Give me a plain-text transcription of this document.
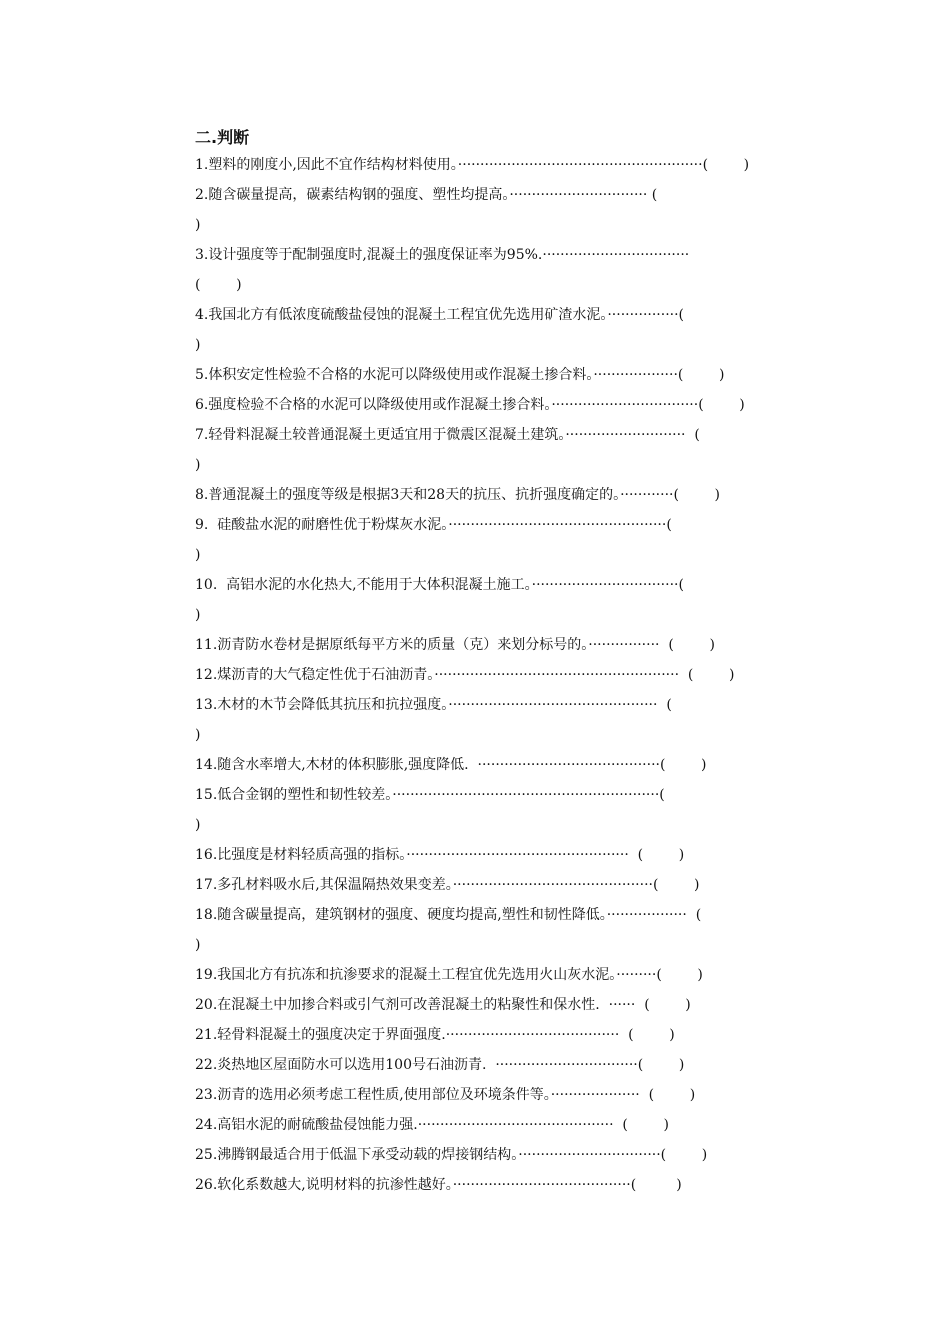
二.判断
1.塑料的刚度小,因此不宜作结构材料使用。·······················································(        )
2.随含碳量提高，碳素结构钢的强度、塑性均提高。······························· (
)
3.设计强度等于配制强度时,混凝土的强度保证率为95%.·································
(        )
4.我国北方有低浓度硫酸盐侵蚀的混凝土工程宜优先选用矿渣水泥。················(
)
5.体积安定性检验不合格的水泥可以降级使用或作混凝土掺合料。···················(        )
6.强度检验不合格的水泥可以降级使用或作混凝土掺合料。·································(        )
7.轻骨料混凝土较普通混凝土更适宜用于微震区混凝土建筑。···························  (
)
8.普通混凝土的强度等级是根据3天和28天的抗压、抗折强度确定的。············(        )
9.  硅酸盐水泥的耐磨性优于粉煤灰水泥。·················································(
)
10.  高铝水泥的水化热大,不能用于大体积混凝土施工。·································(
)
11.沥青防水卷材是据原纸每平方米的质量（克）来划分标号的。················  (        )
12.煤沥青的大气稳定性优于石油沥青。·······················································  (        )
13.木材的木节会降低其抗压和抗拉强度。···············································  (
)
14.随含水率增大,木材的体积膨胀,强度降低.  ·········································(        )
15.低合金钢的塑性和韧性较差。····························································(
)
16.比强度是材料轻质高强的指标。··················································  (        )
17.多孔材料吸水后,其保温隔热效果变差。·············································(        )
18.随含碳量提高，建筑钢材的强度、硬度均提高,塑性和韧性降低。··················  (
)
19.我国北方有抗冻和抗渗要求的混凝土工程宜优先选用火山灰水泥。·········(        )
20.在混凝土中加掺合料或引气剂可改善混凝土的粘聚性和保水性.  ······  (        )
21.轻骨料混凝土的强度决定于界面强度.·······································  (        )
22.炎热地区屋面防水可以选用100号石油沥青.  ································(        )
23.沥青的选用必须考虑工程性质,使用部位及环境条件等。····················  (        )
24.高铝水泥的耐硫酸盐侵蚀能力强.············································  (        )
25.沸腾钢最适合用于低温下承受动载的焊接钢结构。································(        )
26.软化系数越大,说明材料的抗渗性越好。········································(         )
